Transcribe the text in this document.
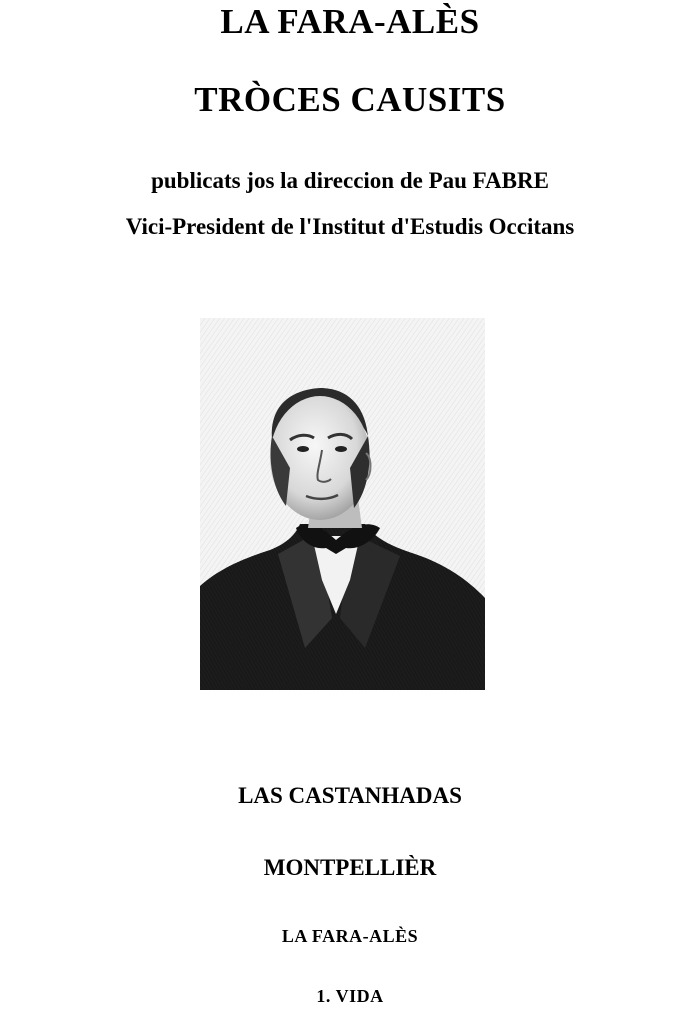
LA FARA-ALÈS
TRÒCES CAUSITS

publicats jos la direccion de Pau FABRE

Vici-President de l'Institut d'Estudis Occitans

LAS CASTANHADAS

MONTPELLIÈR

LA FARA-ALÈS

1. VIDA
